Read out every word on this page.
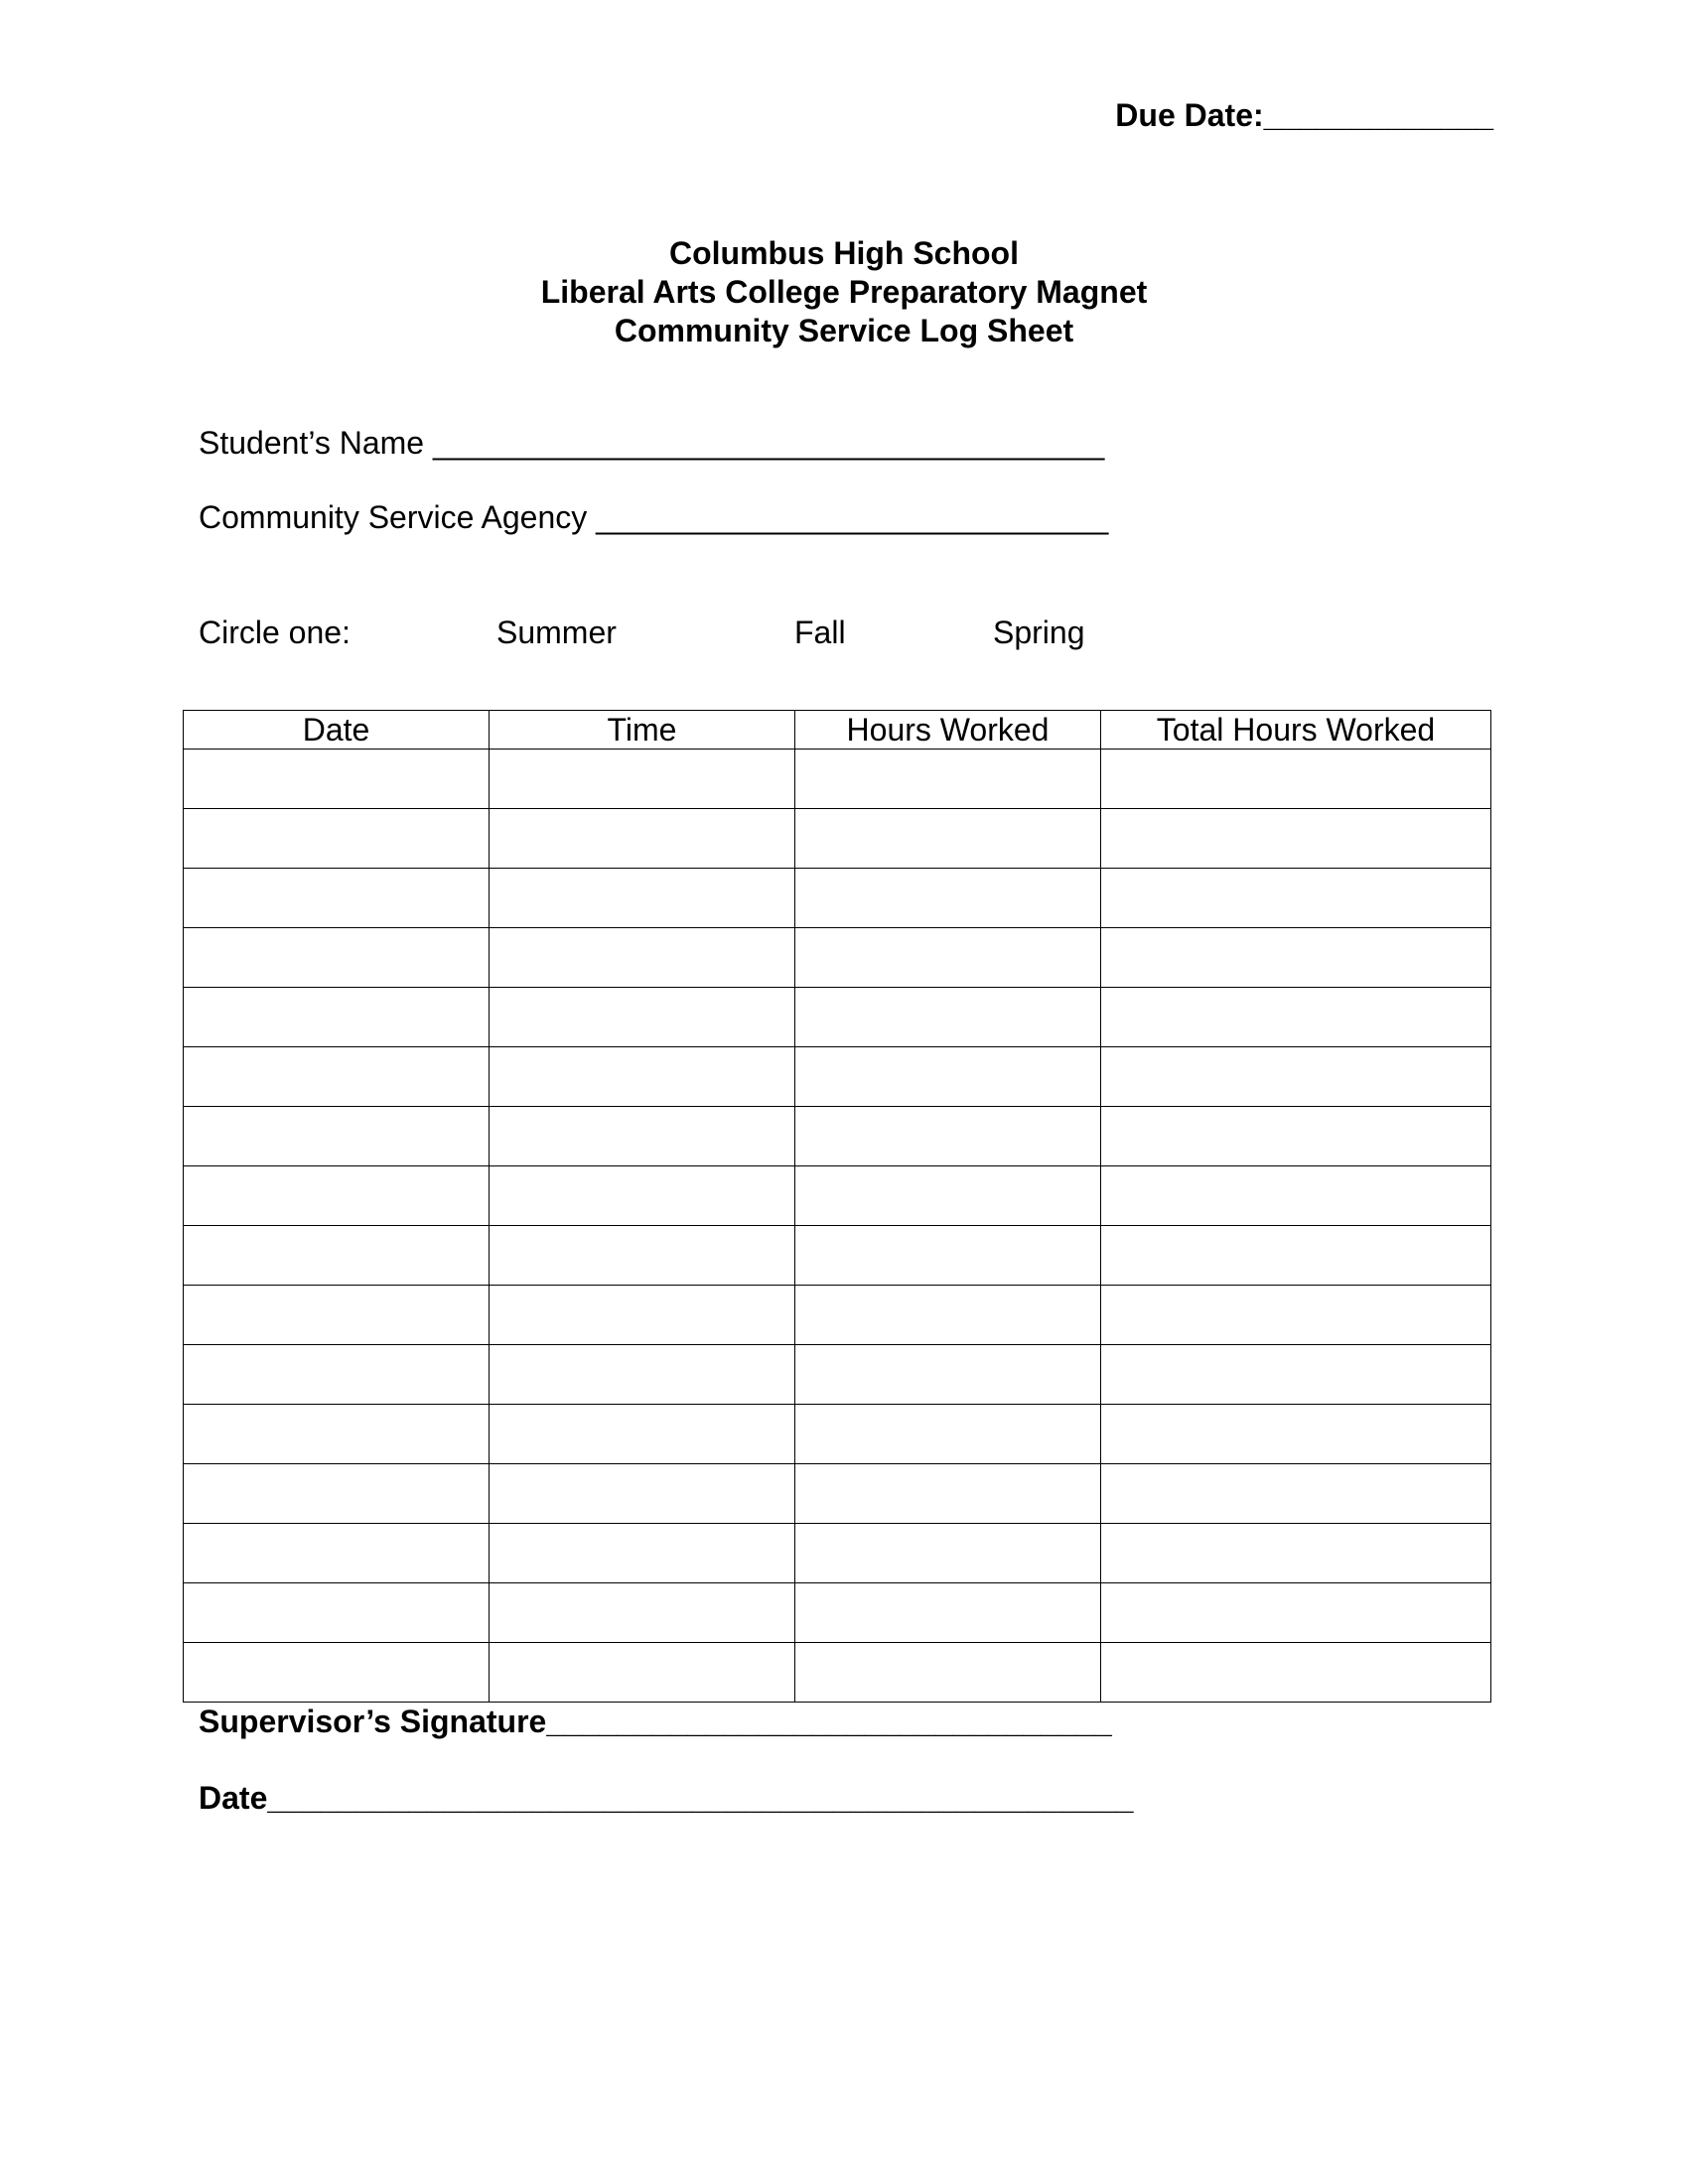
Due Date:_____________
Columbus High School
Liberal Arts College Preparatory Magnet
Community Service Log Sheet
Student’s Name ______________________________________
Community Service Agency _____________________________
Circle one:	Summer	Fall	Spring
Date	Time	Hours Worked	Total Hours Worked

Supervisor’s Signature________________________________
Date_________________________________________________
